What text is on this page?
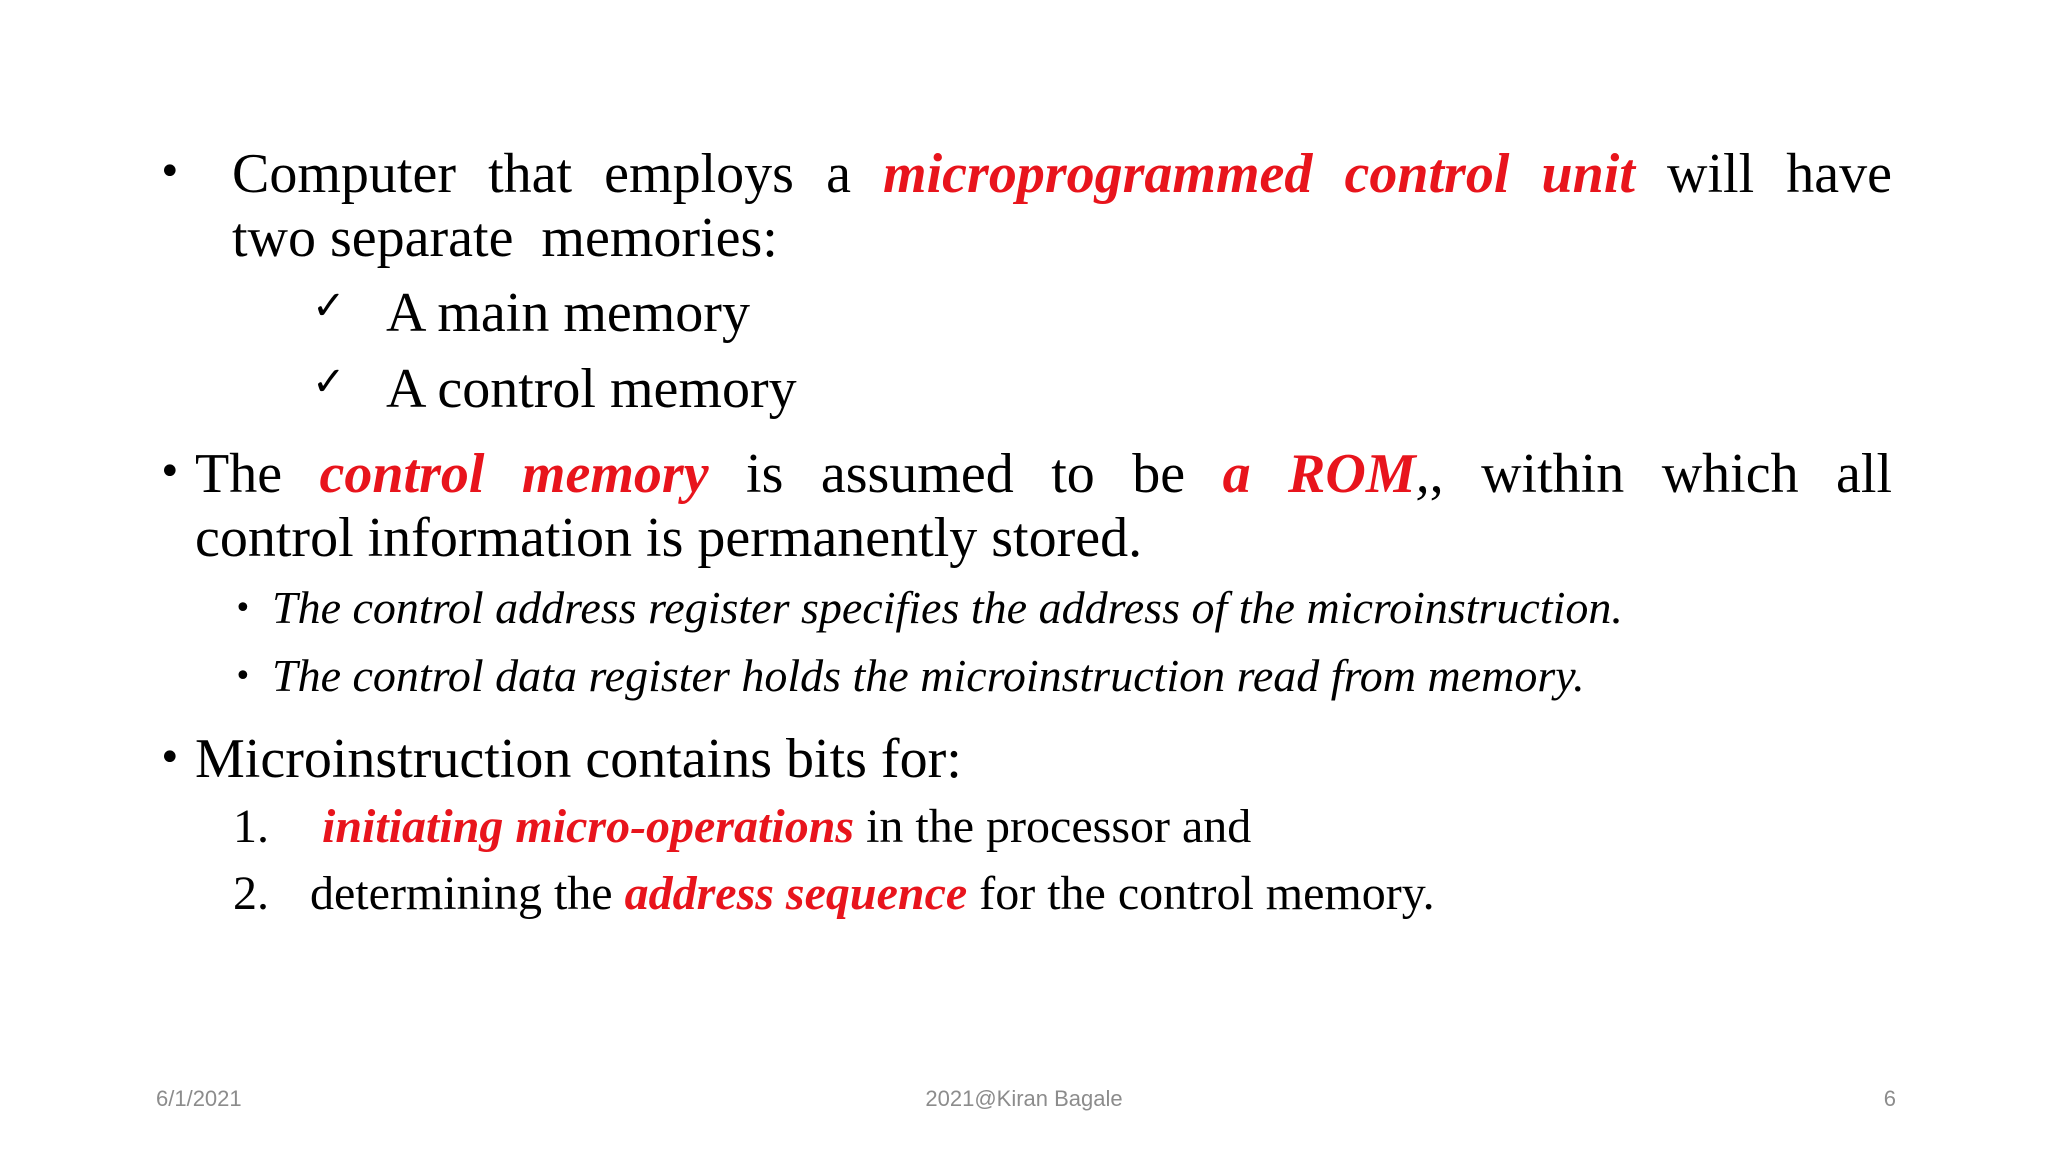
• Computer that employs a microprogrammed control unit will have
two separate  memories:
✓ A main memory
✓ A control memory
• The control memory is assumed to be a ROM,, within which all
control information is permanently stored.
• The control address register specifies the address of the microinstruction.
• The control data register holds the microinstruction read from memory.
• Microinstruction contains bits for:
1. initiating micro-operations in the processor and
2. determining the address sequence for the control memory.
6/1/2021	2021@Kiran Bagale	6
